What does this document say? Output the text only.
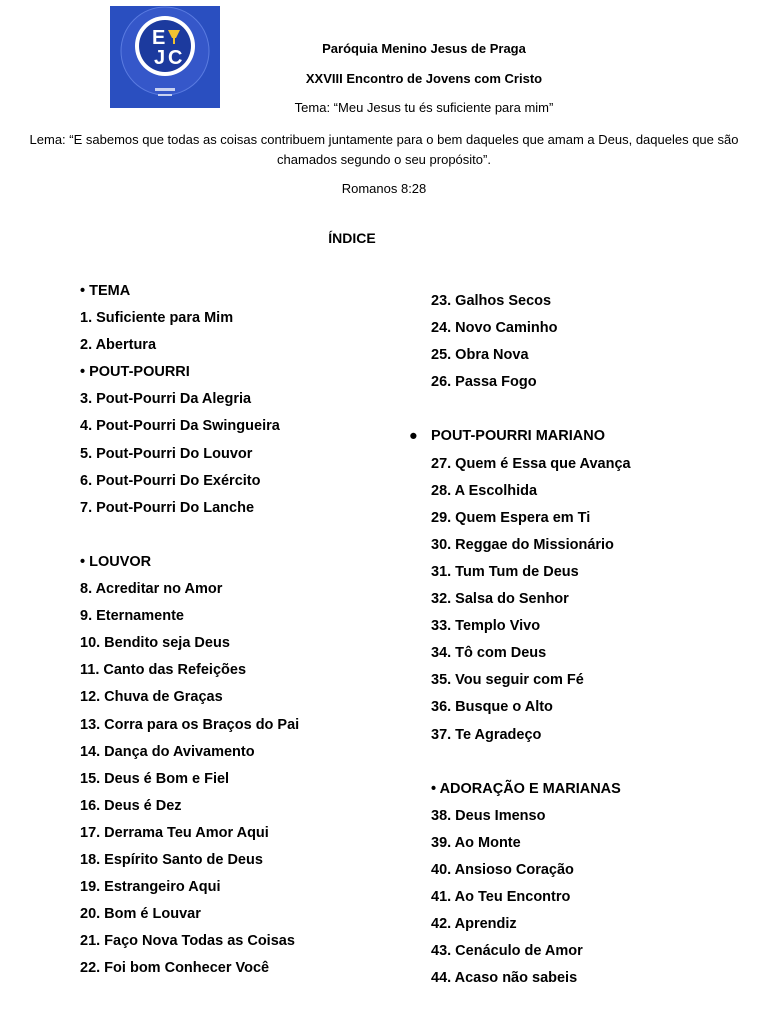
E
J C	Paróquia Menino Jesus de Praga
XXVIII Encontro de Jovens com Cristo
Tema: “Meu Jesus tu és suficiente para mim”
Lema: “E sabemos que todas as coisas contribuem juntamente para o bem daqueles que amam a Deus, daqueles que são chamados segundo o seu propósito”.
Romanos 8:28
ÍNDICE
• TEMA
1. Suficiente para Mim
2. Abertura
• POUT-POURRI
3. Pout-Pourri Da Alegria
4. Pout-Pourri Da Swingueira
5. Pout-Pourri Do Louvor
6. Pout-Pourri Do Exército
7. Pout-Pourri Do Lanche

• LOUVOR
8. Acreditar no Amor
9. Eternamente
10. Bendito seja Deus
11. Canto das Refeições
12. Chuva de Graças
13. Corra para os Braços do Pai
14. Dança do Avivamento
15. Deus é Bom e Fiel
16. Deus é Dez
17. Derrama Teu Amor Aqui
18. Espírito Santo de Deus
19. Estrangeiro Aqui
20. Bom é Louvar
21. Faço Nova Todas as Coisas
22. Foi bom Conhecer Você
23. Galhos Secos
24. Novo Caminho
25. Obra Nova
26. Passa Fogo

● POUT-POURRI MARIANO
27. Quem é Essa que Avança
28. A Escolhida
29. Quem Espera em Ti
30. Reggae do Missionário
31. Tum Tum de Deus
32. Salsa do Senhor
33. Templo Vivo
34. Tô com Deus
35. Vou seguir com Fé
36. Busque o Alto
37. Te Agradeço

• ADORAÇÃO E MARIANAS
38. Deus Imenso
39. Ao Monte
40. Ansioso Coração
41. Ao Teu Encontro
42. Aprendiz
43. Cenáculo de Amor
44. Acaso não sabeis
